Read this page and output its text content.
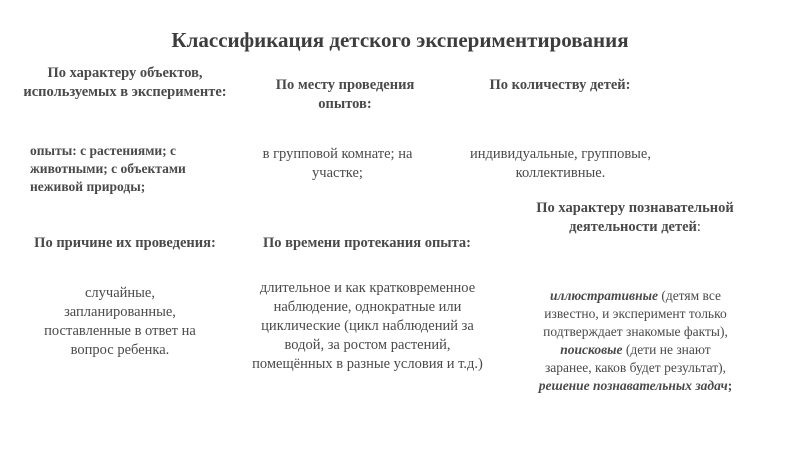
Классификация детского экспериментирования
По характеру объектов, используемых в эксперименте:
опыты: с растениями; с животными; с объектами неживой природы;
По месту проведения опытов:
в групповой комнате; на участке;
По количеству детей:
индивидуальные, групповые, коллективные.
По причине их проведения:
случайные, запланированные, поставленные в ответ на вопрос ребенка.
По времени протекания опыта:
длительное и как кратковременное наблюдение, однократные или циклические (цикл наблюдений за водой, за ростом растений, помещённых в разные условия и т.д.)
По характеру познавательной деятельности детей:
иллюстративные (детям все известно, и эксперимент только подтверждает знакомые факты), поисковые (дети не знают заранее, каков будет результат), решение познавательных задач;
